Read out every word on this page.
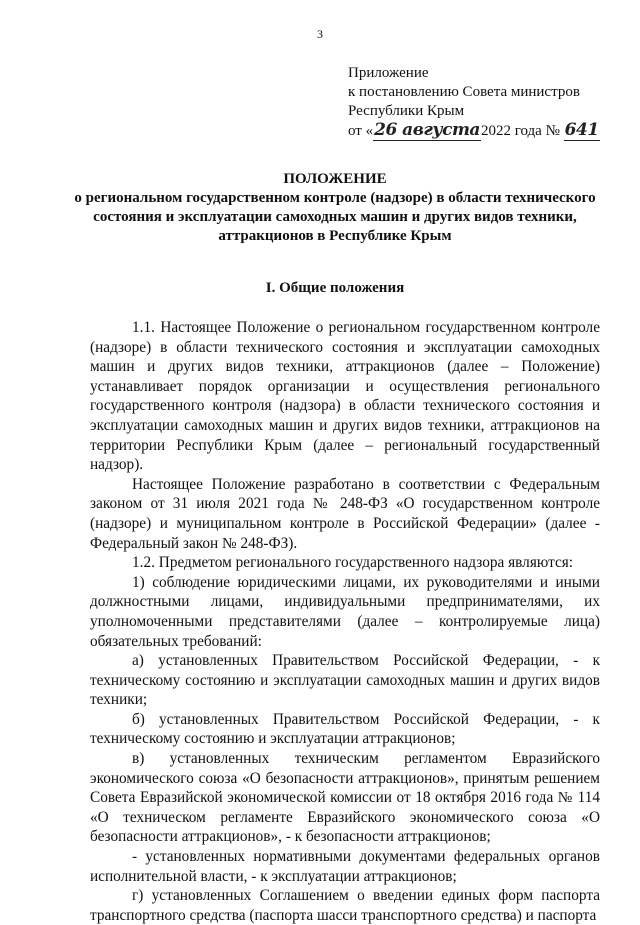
3
Приложение
к постановлению Совета министров
Республики Крым
от «26 августа2022 года № 641
ПОЛОЖЕНИЕ
о региональном государственном контроле (надзоре) в области технического состояния и эксплуатации самоходных машин и других видов техники, аттракционов в Республике Крым
I. Общие положения

1.1. Настоящее Положение о региональном государственном контроле (надзоре) в области технического состояния и эксплуатации самоходных машин и других видов техники, аттракционов (далее – Положение) устанавливает порядок организации и осуществления регионального государственного контроля (надзора) в области технического состояния и эксплуатации самоходных машин и других видов техники, аттракционов на территории Республики Крым (далее – региональный государственный надзор).

Настоящее Положение разработано в соответствии с Федеральным законом от 31 июля 2021 года № 248-ФЗ «О государственном контроле (надзоре) и муниципальном контроле в Российской Федерации» (далее - Федеральный закон № 248-ФЗ).

1.2. Предметом регионального государственного надзора являются:

1) соблюдение юридическими лицами, их руководителями и иными должностными лицами, индивидуальными предпринимателями, их уполномоченными представителями (далее – контролируемые лица) обязательных требований:

а) установленных Правительством Российской Федерации, - к техническому состоянию и эксплуатации самоходных машин и других видов техники;

б) установленных Правительством Российской Федерации, - к техническому состоянию и эксплуатации аттракционов;

в) установленных техническим регламентом Евразийского экономического союза «О безопасности аттракционов», принятым решением Совета Евразийской экономической комиссии от 18 октября 2016 года № 114 «О техническом регламенте Евразийского экономического союза «О безопасности аттракционов», - к безопасности аттракционов;

- установленных нормативными документами федеральных органов исполнительной власти, - к эксплуатации аттракционов;

г) установленных Соглашением о введении единых форм паспорта транспортного средства (паспорта шасси транспортного средства) и паспорта
